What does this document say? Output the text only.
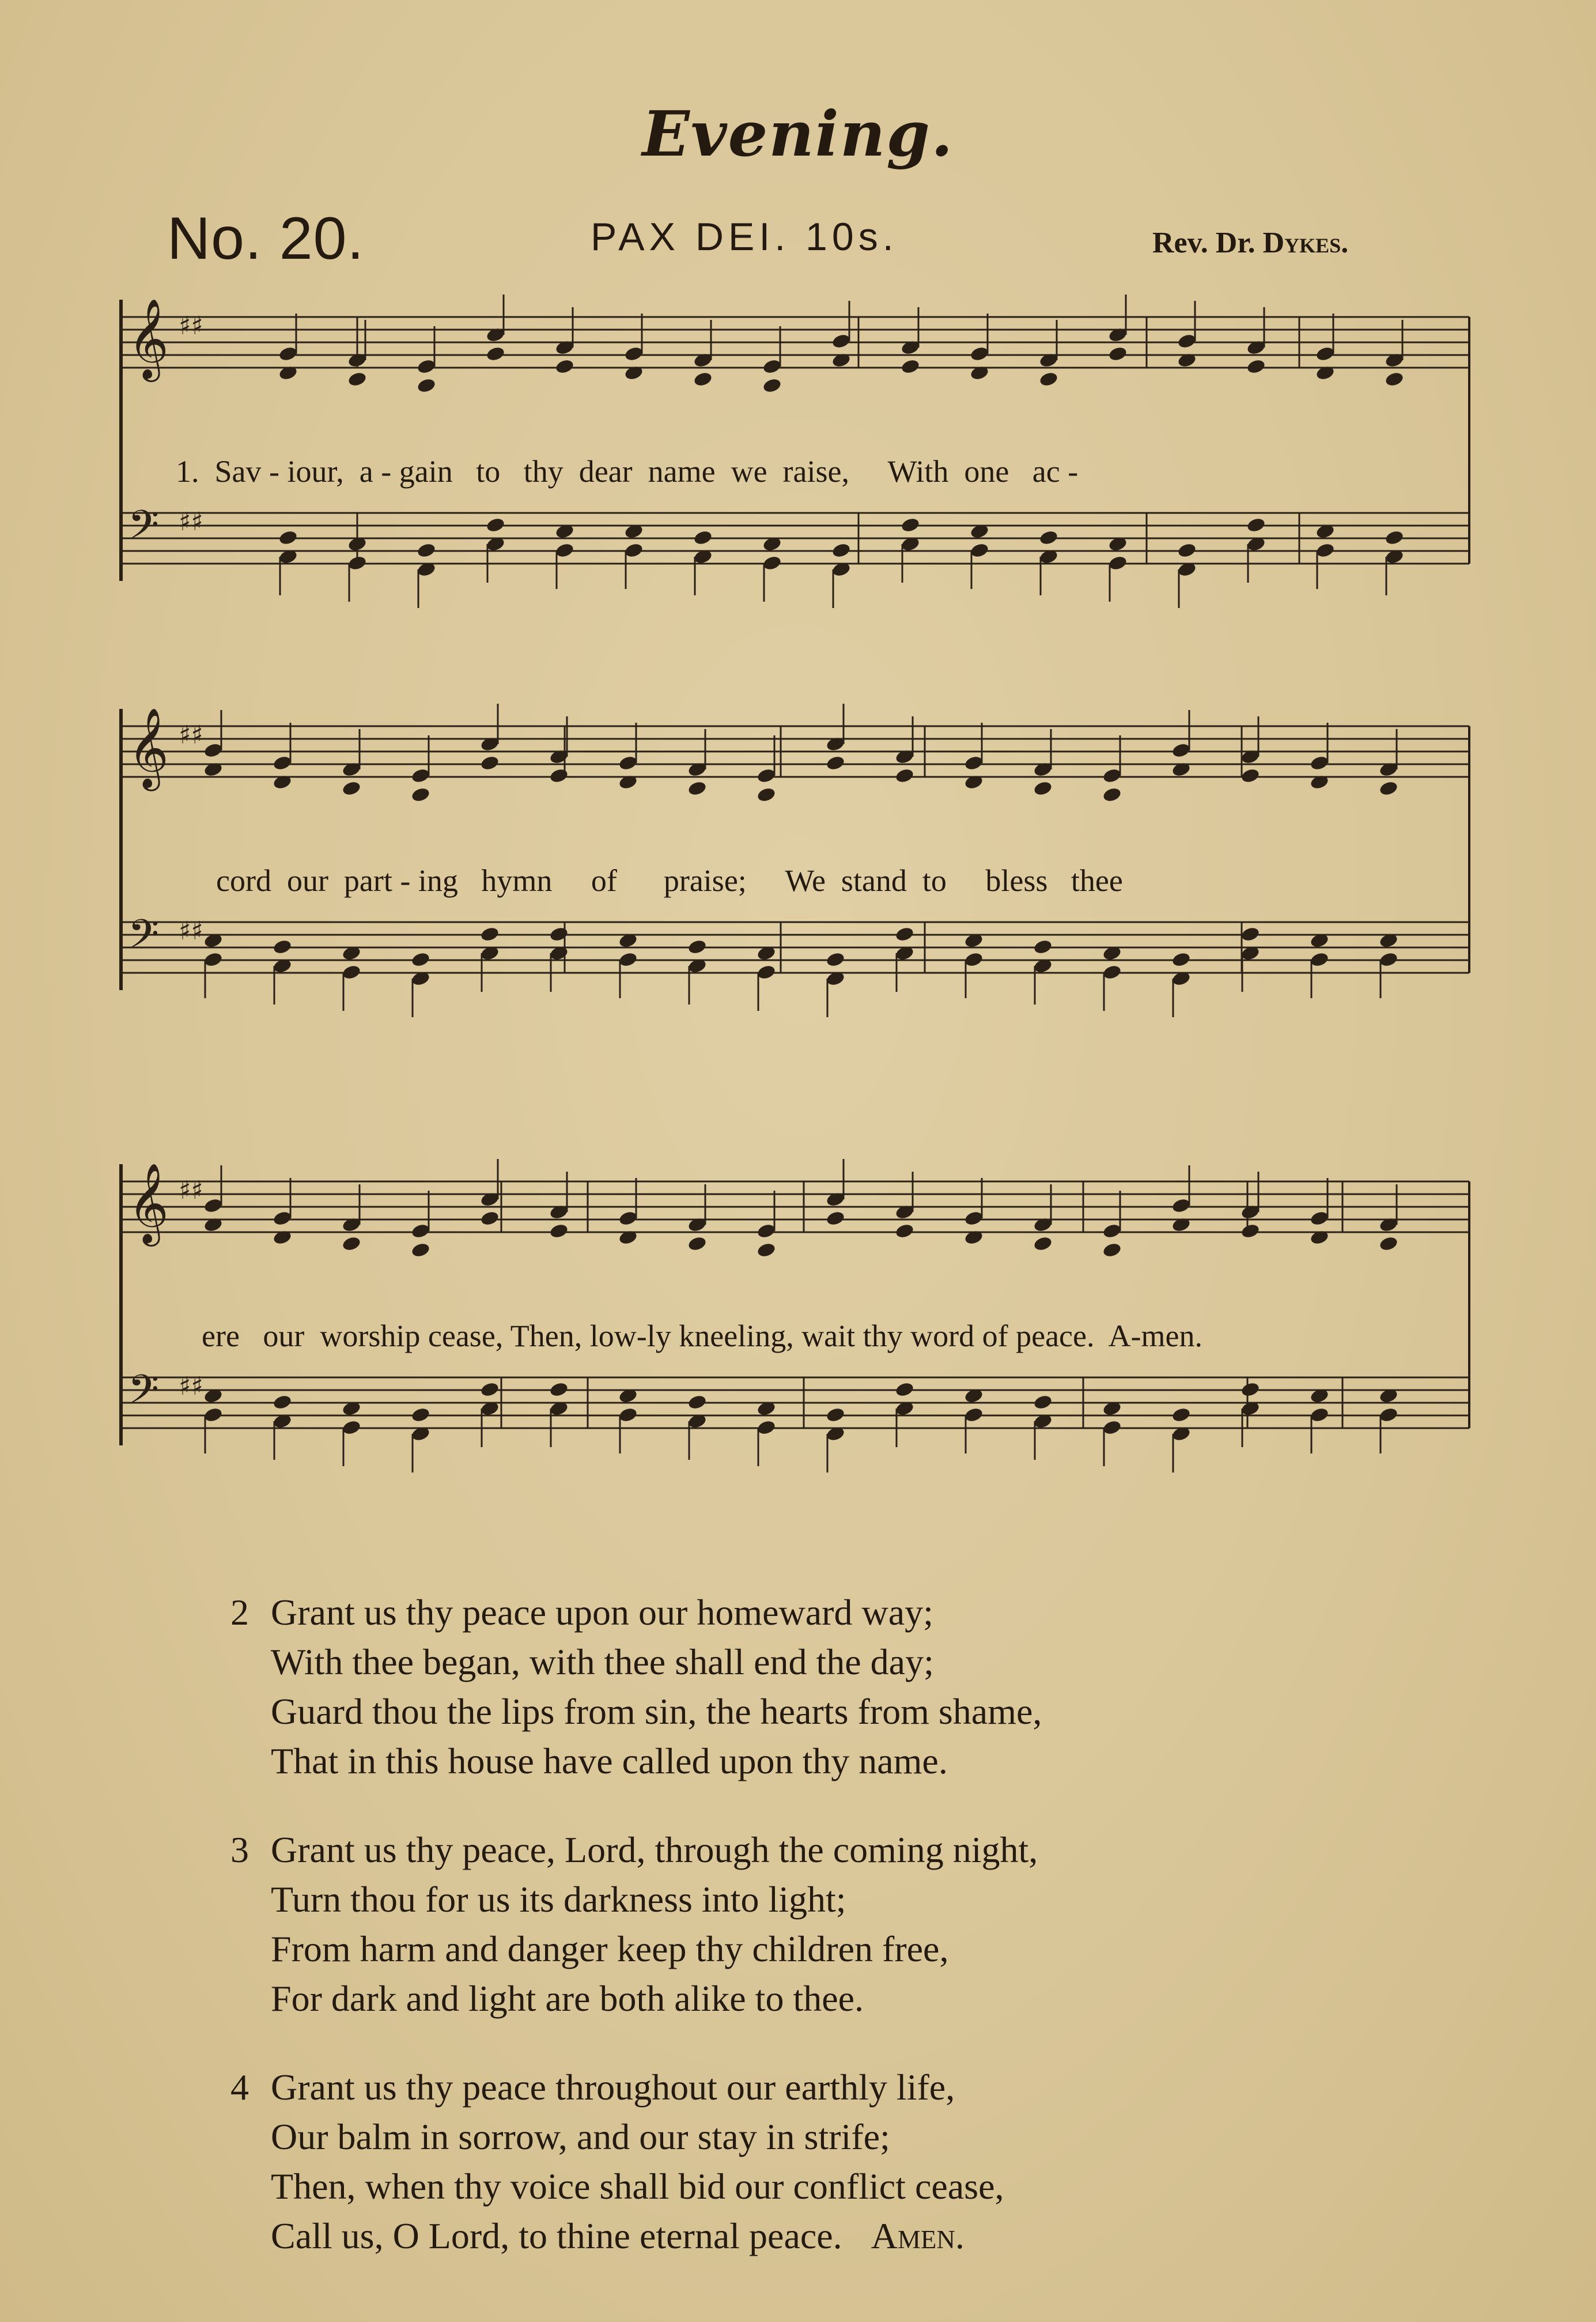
Evening.
No. 20.	PAX DEI. 10s.	Rev. Dr. Dykes.
𝄞 ♯♯
𝄢 ♯♯
1.  Sav - iour,  a - gain   to   thy  dear  name  we  raise,     With  one   ac -
𝄞 ♯♯
𝄢 ♯♯
cord  our  part - ing   hymn     of      praise;     We  stand  to     bless   thee
𝄞 ♯♯
𝄢 ♯♯
ere   our  worship cease, Then, low-ly kneeling, wait thy word of peace.  A-men.
2 Grant us thy peace upon our homeward way;
With thee began, with thee shall end the day;
Guard thou the lips from sin, the hearts from shame,
That in this house have called upon thy name.
3 Grant us thy peace, Lord, through the coming night,
Turn thou for us its darkness into light;
From harm and danger keep thy children free,
For dark and light are both alike to thee.
4 Grant us thy peace throughout our earthly life,
Our balm in sorrow, and our stay in strife;
Then, when thy voice shall bid our conflict cease,
Call us, O Lord, to thine eternal peace. Amen.
